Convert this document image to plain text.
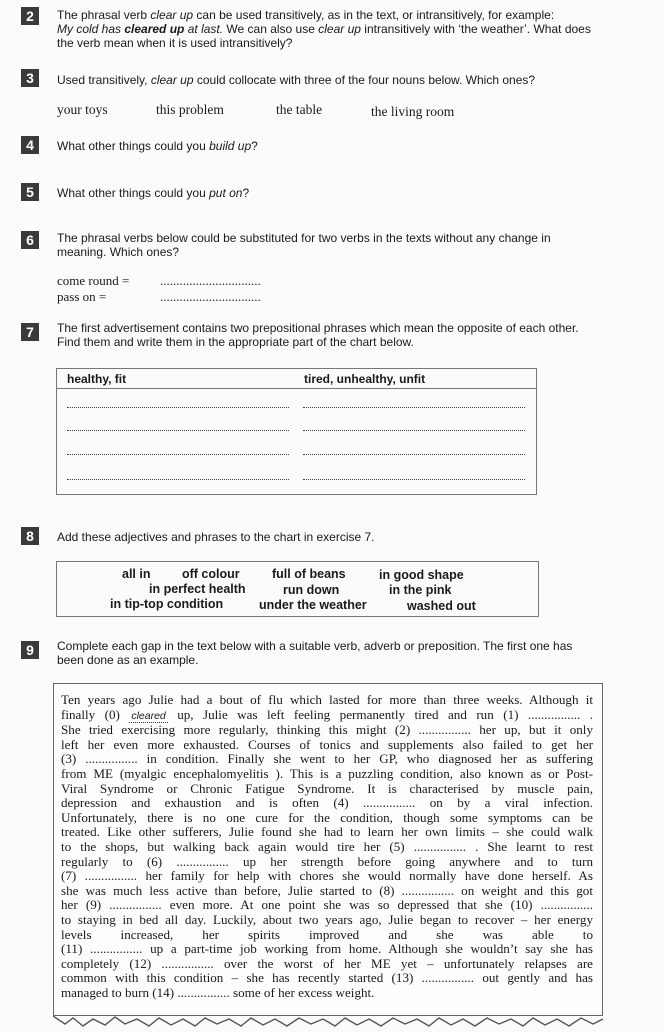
2	The phrasal verb clear up can be used transitively, as in the text, or intransitively, for example:
My cold has cleared up at last. We can also use clear up intransitively with ‘the weather’. What does
the verb mean when it is used intransitively?
3	Used transitively, clear up could collocate with three of the four nouns below. Which ones?
your toys	this problem	the table	the living room
4	What other things could you build up?
5	What other things could you put on?
6	The phrasal verbs below could be substituted for two verbs in the texts without any change in
meaning. Which ones?
come round = ...............................
pass on =	...............................
7	The first advertisement contains two prepositional phrases which mean the opposite of each other.
Find them and write them in the appropriate part of the chart below.
healthy, fit	tired, unhealthy, unfit
8	Add these adjectives and phrases to the chart in exercise 7.
all in	off colour	full of beans	in good shape
in perfect health	run down	in the pink
in tip-top condition	under the weather	washed out
9	Complete each gap in the text below with a suitable verb, adverb or preposition. The first one has
been done as an example.
Ten years ago Julie had a bout of flu which lasted for more than three weeks. Although it
finally (0) cleared up, Julie was left feeling permanently tired and run (1) ................ .
She tried exercising more regularly, thinking this might (2) ................ her up, but it only
left her even more exhausted. Courses of tonics and supplements also failed to get her
(3) ................ in condition. Finally she went to her GP, who diagnosed her as suffering
from ME (myalgic encephalomyelitis ). This is a puzzling condition, also known as or Post-
Viral Syndrome or Chronic Fatigue Syndrome. It is characterised by muscle pain,
depression and exhaustion and is often (4) ................ on by a viral infection.
Unfortunately, there is no one cure for the condition, though some symptoms can be
treated. Like other sufferers, Julie found she had to learn her own limits – she could walk
to the shops, but walking back again would tire her (5) ................ . She learnt to rest
regularly to (6) ................ up her strength before going anywhere and to turn
(7) ................ her family for help with chores she would normally have done herself. As
she was much less active than before, Julie started to (8) ................ on weight and this got
her (9) ................ even more. At one point she was so depressed that she (10) ................
to staying in bed all day. Luckily, about two years ago, Julie began to recover – her energy
levels increased, her spirits improved and she was able to
(11) ................ up a part-time job working from home. Although she wouldn’t say she has
completely (12) ................ over the worst of her ME yet – unfortunately relapses are
common with this condition – she has recently started (13) ................ out gently and has
managed to burn (14) ................ some of her excess weight.
